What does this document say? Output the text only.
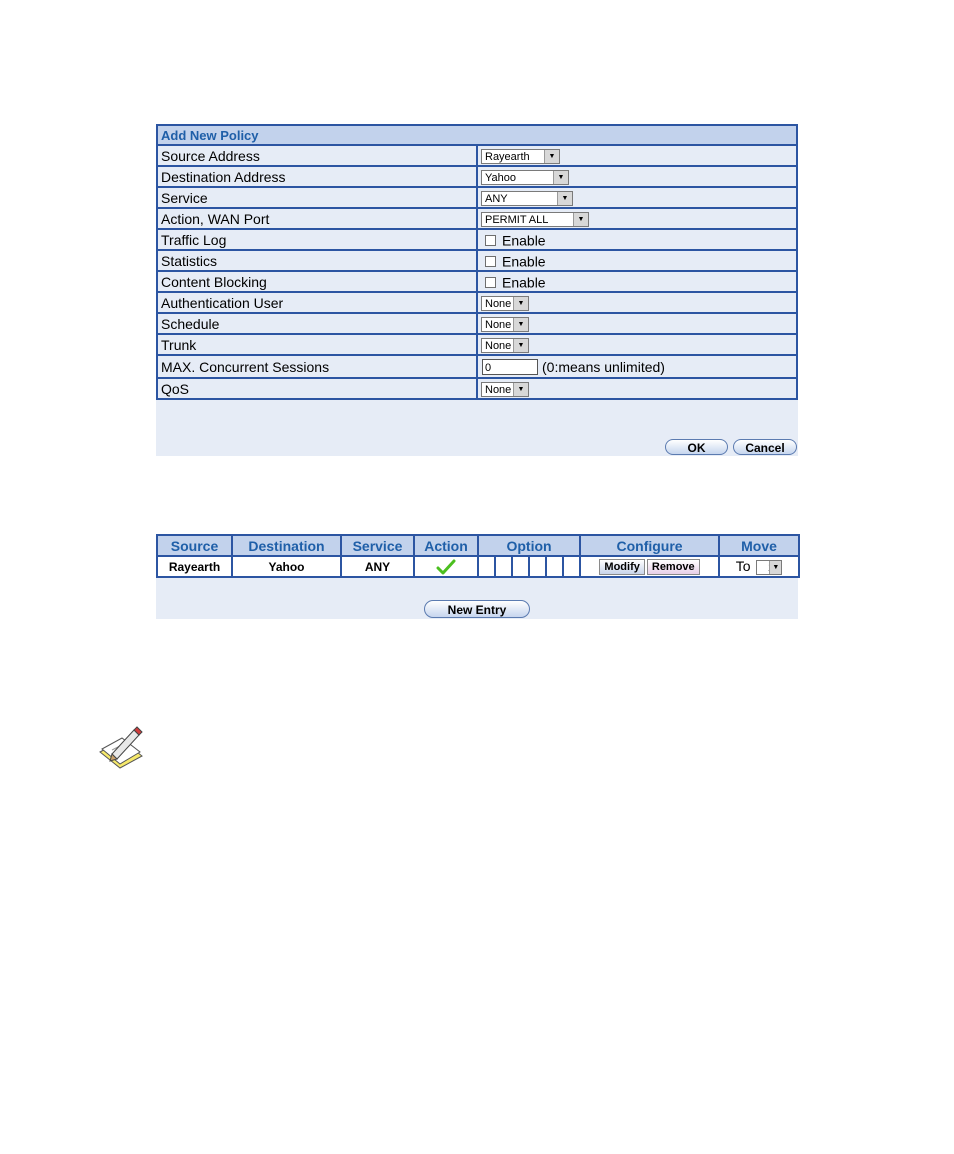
Add New Policy	
Source Address	Rayearth ▼

Destination Address	Yahoo ▼

Service	ANY ▼

Action, WAN Port	PERMIT ALL ▼

Traffic Log	Enable
Statistics	Enable
Content Blocking	Enable
Authentication User	None ▼

Schedule	None ▼

Trunk	None ▼

MAX. Concurrent Sessions	0 (0:means unlimited)
QoS	None ▼
OK	Cancel
Source	Destination	Service	Action	Option						Configure	Move
Rayearth	Yahoo	ANY								Modify Remove	To ▼
New Entry
